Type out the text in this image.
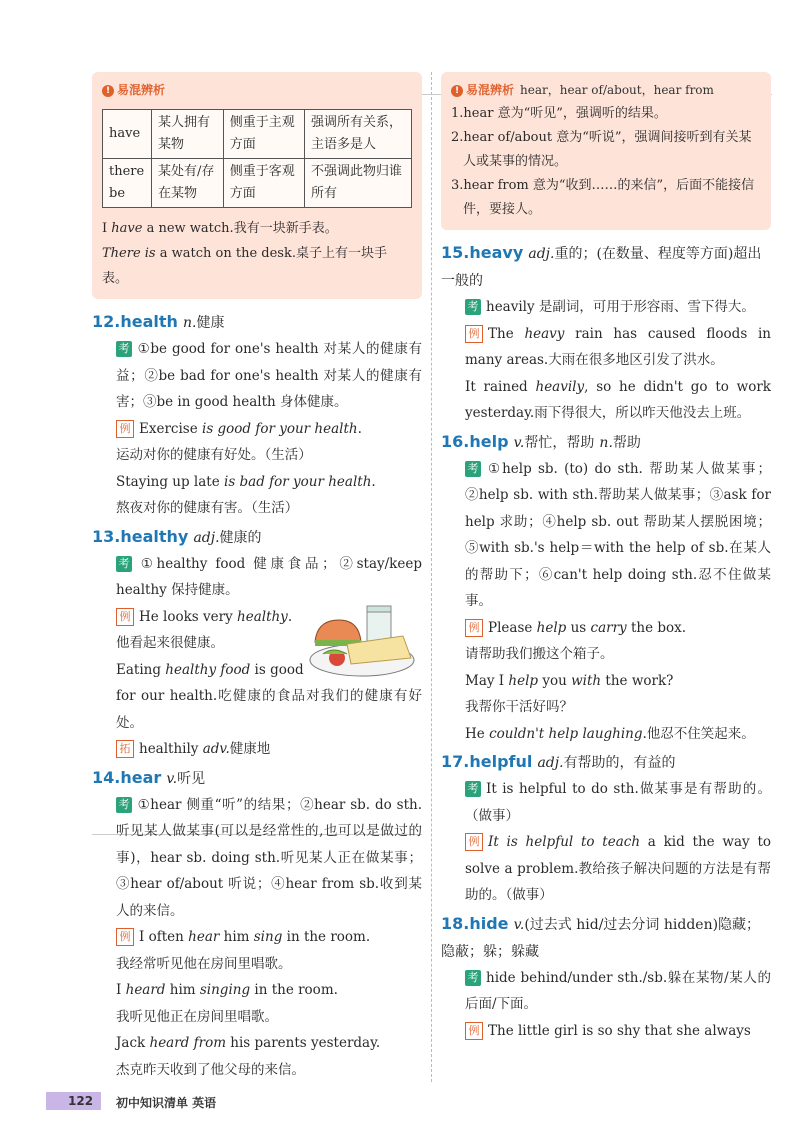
! 易混辨析
have	某人拥有某物	侧重于主观方面	强调所有关系，主语多是人
there be	某处有/存在某物	侧重于客观方面	不强调此物归谁所有
I have a new watch.我有一块新手表。
There is a watch on the desk.桌子上有一块手表。
12.health n.健康
考 ①be good for one's health 对某人的健康有益；②be bad for one's health 对某人的健康有害；③be in good health 身体健康。
例 Exercise is good for your health.
运动对你的健康有好处。（生活）
Staying up late is bad for your health.
熬夜对你的健康有害。（生活）
13.healthy adj.健康的
考 ①healthy food 健康食品；②stay/keep healthy 保持健康。
例 He looks very healthy.
他看起来很健康。
Eating healthy food is good
for our health.吃健康的食品对我们的健康有好处。
拓 healthily adv.健康地
14.hear v.听见
考 ①hear 侧重“听”的结果；②hear sb. do sth.听见某人做某事(可以是经常性的,也可以是做过的事)，hear sb. doing sth.听见某人正在做某事；③hear of/about 听说；④hear from sb.收到某人的来信。
例 I often hear him sing in the room.
我经常听见他在房间里唱歌。
I heard him singing in the room.
我听见他正在房间里唱歌。
Jack heard from his parents yesterday.
杰克昨天收到了他父母的来信。
! 易混辨析 hear，hear of/about，hear from
1.hear 意为“听见”，强调听的结果。
2.hear of/about 意为“听说”，强调间接听到有关某人或某事的情况。
3.hear from 意为“收到……的来信”，后面不能接信件，要接人。
15.heavy adj.重的；(在数量、程度等方面)超出一般的
考 heavily 是副词，可用于形容雨、雪下得大。
例 The heavy rain has caused floods in many areas.大雨在很多地区引发了洪水。
It rained heavily, so he didn't go to work yesterday.雨下得很大，所以昨天他没去上班。
16.help v.帮忙，帮助 n.帮助
考 ①help sb. (to) do sth. 帮助某人做某事；②help sb. with sth.帮助某人做某事；③ask for help 求助；④help sb. out 帮助某人摆脱困境；⑤with sb.'s help＝with the help of sb.在某人的帮助下；⑥can't help doing sth.忍不住做某事。
例 Please help us carry the box.
请帮助我们搬这个箱子。
May I help you with the work?
我帮你干活好吗？
He couldn't help laughing.他忍不住笑起来。
17.helpful adj.有帮助的，有益的
考 It is helpful to do sth.做某事是有帮助的。（做事）
例 It is helpful to teach a kid the way to solve a problem.教给孩子解决问题的方法是有帮助的。（做事）
18.hide v.(过去式 hid/过去分词 hidden)隐藏；隐蔽；躲；躲藏
考 hide behind/under sth./sb.躲在某物/某人的后面/下面。
例 The little girl is so shy that she always
122	初中知识清单 英语
